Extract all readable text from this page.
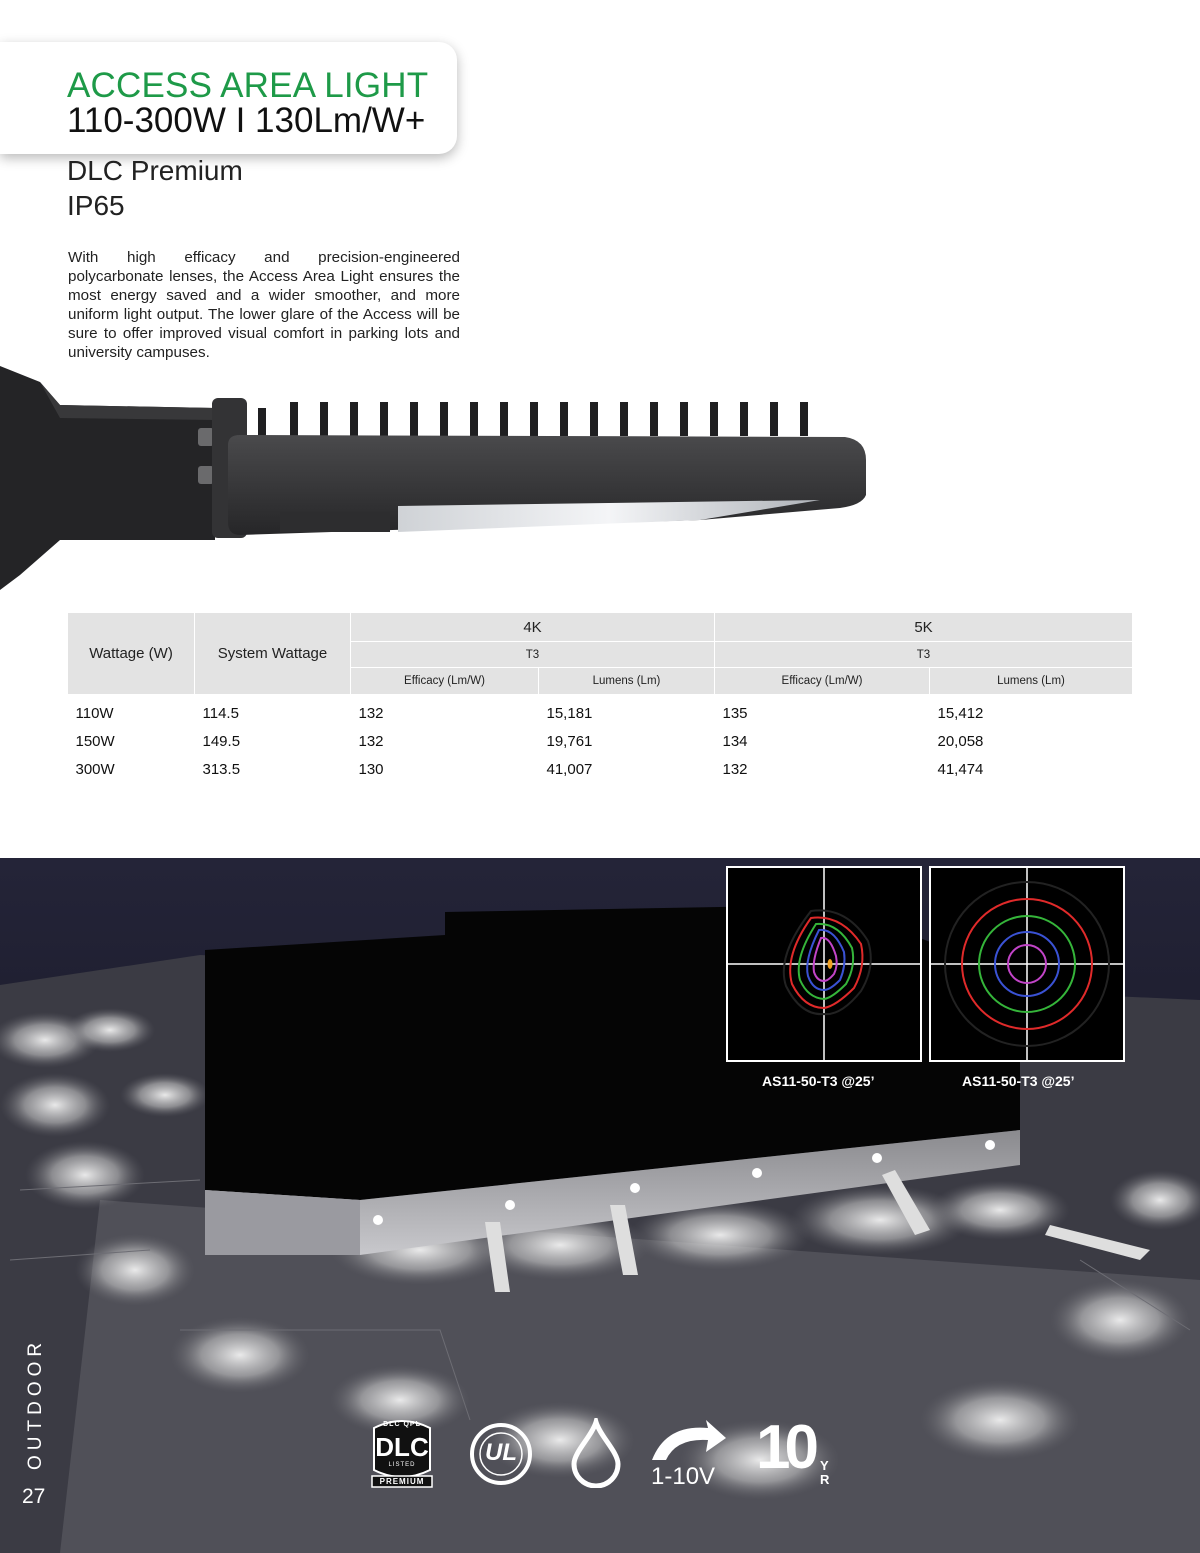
ACCESS AREA LIGHT
110-300W I 130Lm/W+
DLC Premium
IP65
With high efficacy and precision-engineered polycarbonate lenses, the Access Area Light ensures the most energy saved and a wider smoother, and more uniform light output. The lower glare of the Access will be sure to offer improved visual comfort in parking lots and university campuses.
Wattage (W)	System Wattage	4K		5K	
		T3		T3	
		Efficacy (Lm/W)	Lumens (Lm)	Efficacy (Lm/W)	Lumens (Lm)

110W	114.5	132	15,181	135	15,412
150W	149.5	132	19,761	134	20,058
300W	313.5	130	41,007	132	41,474
AS11-50-T3 @25’	AS11-50-T3 @25’
OUTDOOR
27
DLC QPL
DLC
LISTED
PREMIUM
UL
1-10V 10 Y
R
